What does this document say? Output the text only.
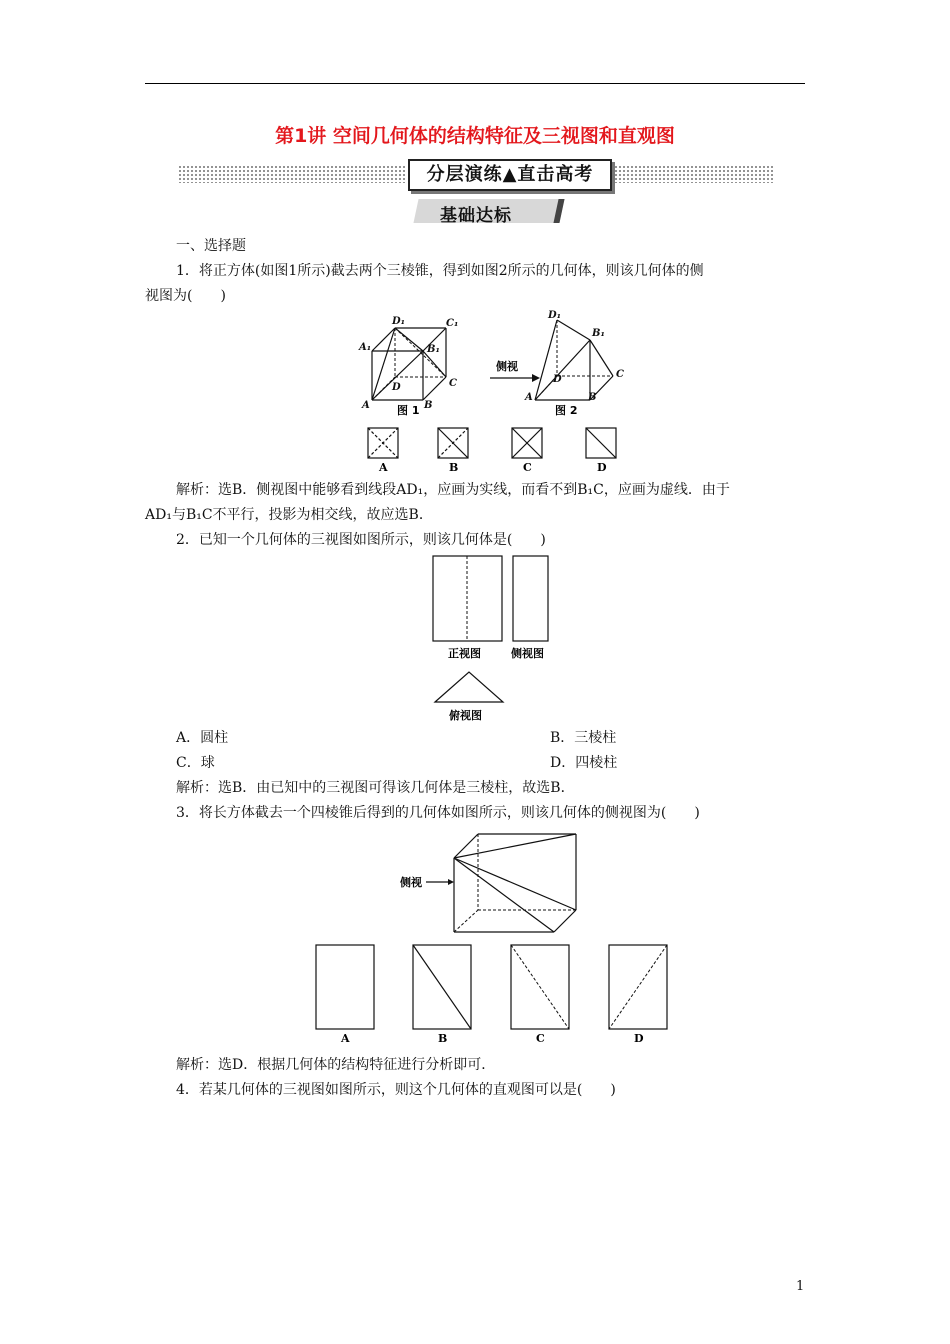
第1讲 空间几何体的结构特征及三视图和直观图
分层演练▲直击高考
基础达标
一、选择题
1．将正方体(如图1所示)截去两个三棱锥，得到如图2所示的几何体，则该几何体的侧
视图为(　　)
D₁	C₁
A₁	B₁
D	C
A	B
图 1
侧视
D₁
B₁
D	C
A	B
图 2
A	B	C	D
解析：选B．侧视图中能够看到线段AD₁，应画为实线，而看不到B₁C，应画为虚线．由于
AD₁与B₁C不平行，投影为相交线，故应选B．
2．已知一个几何体的三视图如图所示，则该几何体是(　　)
正视图	侧视图
俯视图
A．圆柱	B．三棱柱
C．球	D．四棱柱
解析：选B．由已知中的三视图可得该几何体是三棱柱，故选B．
3．将长方体截去一个四棱锥后得到的几何体如图所示，则该几何体的侧视图为(　　)
侧视
A	B	C	D
解析：选D．根据几何体的结构特征进行分析即可．
4．若某几何体的三视图如图所示，则这个几何体的直观图可以是(　　)
1
